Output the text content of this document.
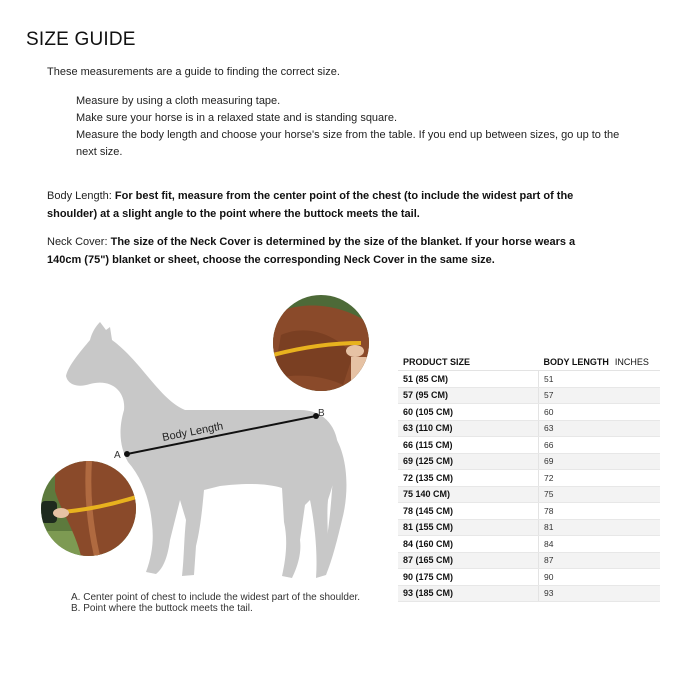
SIZE GUIDE
These measurements are a guide to finding the correct size.
Measure by using a cloth measuring tape.
Make sure your horse is in a relaxed state and is standing square.
Measure the body length and choose your horse's size from the table. If you end up between sizes, go up to the next size.
Body Length: For best fit, measure from the center point of the chest (to include the widest part of the shoulder) at a slight angle to the point where the buttock meets the tail.
Neck Cover: The size of the Neck Cover is determined by the size of the blanket. If your horse wears a 140cm (75") blanket or sheet, choose the corresponding Neck Cover in the same size.
A
B
Body Length
A. Center point of chest to include the widest part of the shoulder.
B. Point where the buttock meets the tail.
PRODUCT SIZE	BODY LENGTH INCHES
51 (85 CM)	51
57 (95 CM)	57
60 (105 CM)	60
63 (110 CM)	63
66 (115 CM)	66
69 (125 CM)	69
72 (135 CM)	72
75 140 CM)	75
78 (145 CM)	78
81 (155 CM)	81
84 (160 CM)	84
87 (165 CM)	87
90 (175 CM)	90
93 (185 CM)	93
